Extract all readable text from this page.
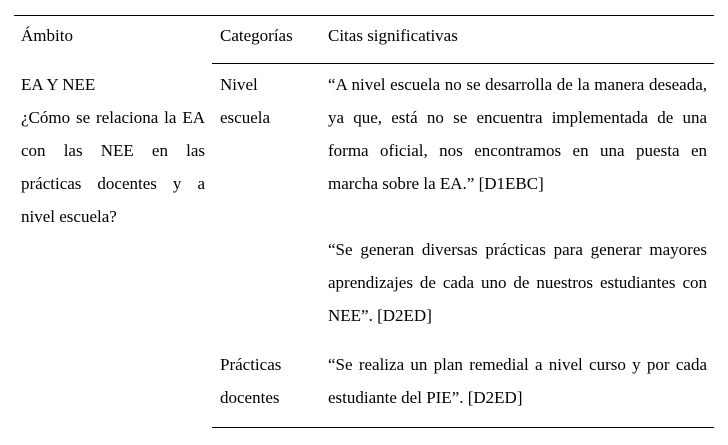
Ámbito	Categorías Citas significativas
EA Y NEE
¿Cómo se relaciona la EA con las NEE en las prácticas docentes y a nivel escuela?
Nivel escuela
“A nivel escuela no se desarrolla de la manera deseada, ya que, está no se encuentra implementada de una forma oficial, nos encontramos en una puesta en marcha sobre la EA.” [D1EBC]
“Se generan diversas prácticas para generar mayores aprendizajes de cada uno de nuestros estudiantes con NEE”. [D2ED]
Prácticas docentes
“Se realiza un plan remedial a nivel curso y por cada estudiante del PIE”. [D2ED]
